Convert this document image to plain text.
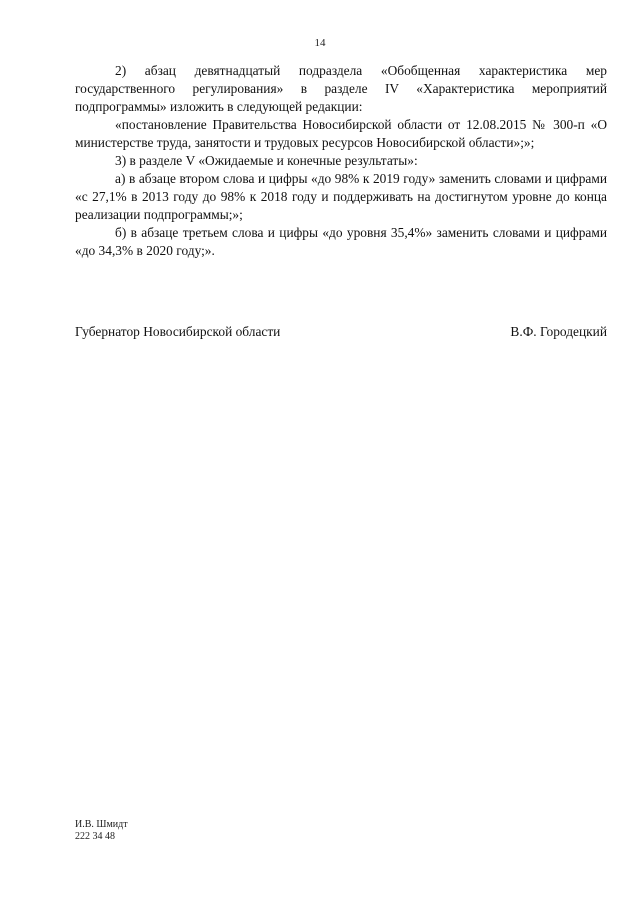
14

2) абзац девятнадцатый подраздела «Обобщенная характеристика мер государственного регулирования» в разделе IV «Характеристика мероприятий подпрограммы» изложить в следующей редакции:

«постановление Правительства Новосибирской области от 12.08.2015 № 300-п «О министерстве труда, занятости и трудовых ресурсов Новосибирской области»;»;

3) в разделе V «Ожидаемые и конечные результаты»:

а) в абзаце втором слова и цифры «до 98% к 2019 году» заменить словами и цифрами «с 27,1% в 2013 году до 98% к 2018 году и поддерживать на достигнутом уровне до конца реализации подпрограммы;»;

б) в абзаце третьем слова и цифры «до уровня 35,4%» заменить словами и цифрами «до 34,3% в 2020 году;».

Губернатор Новосибирской области	В.Ф. Городецкий
И.В. Шмидт
222 34 48
